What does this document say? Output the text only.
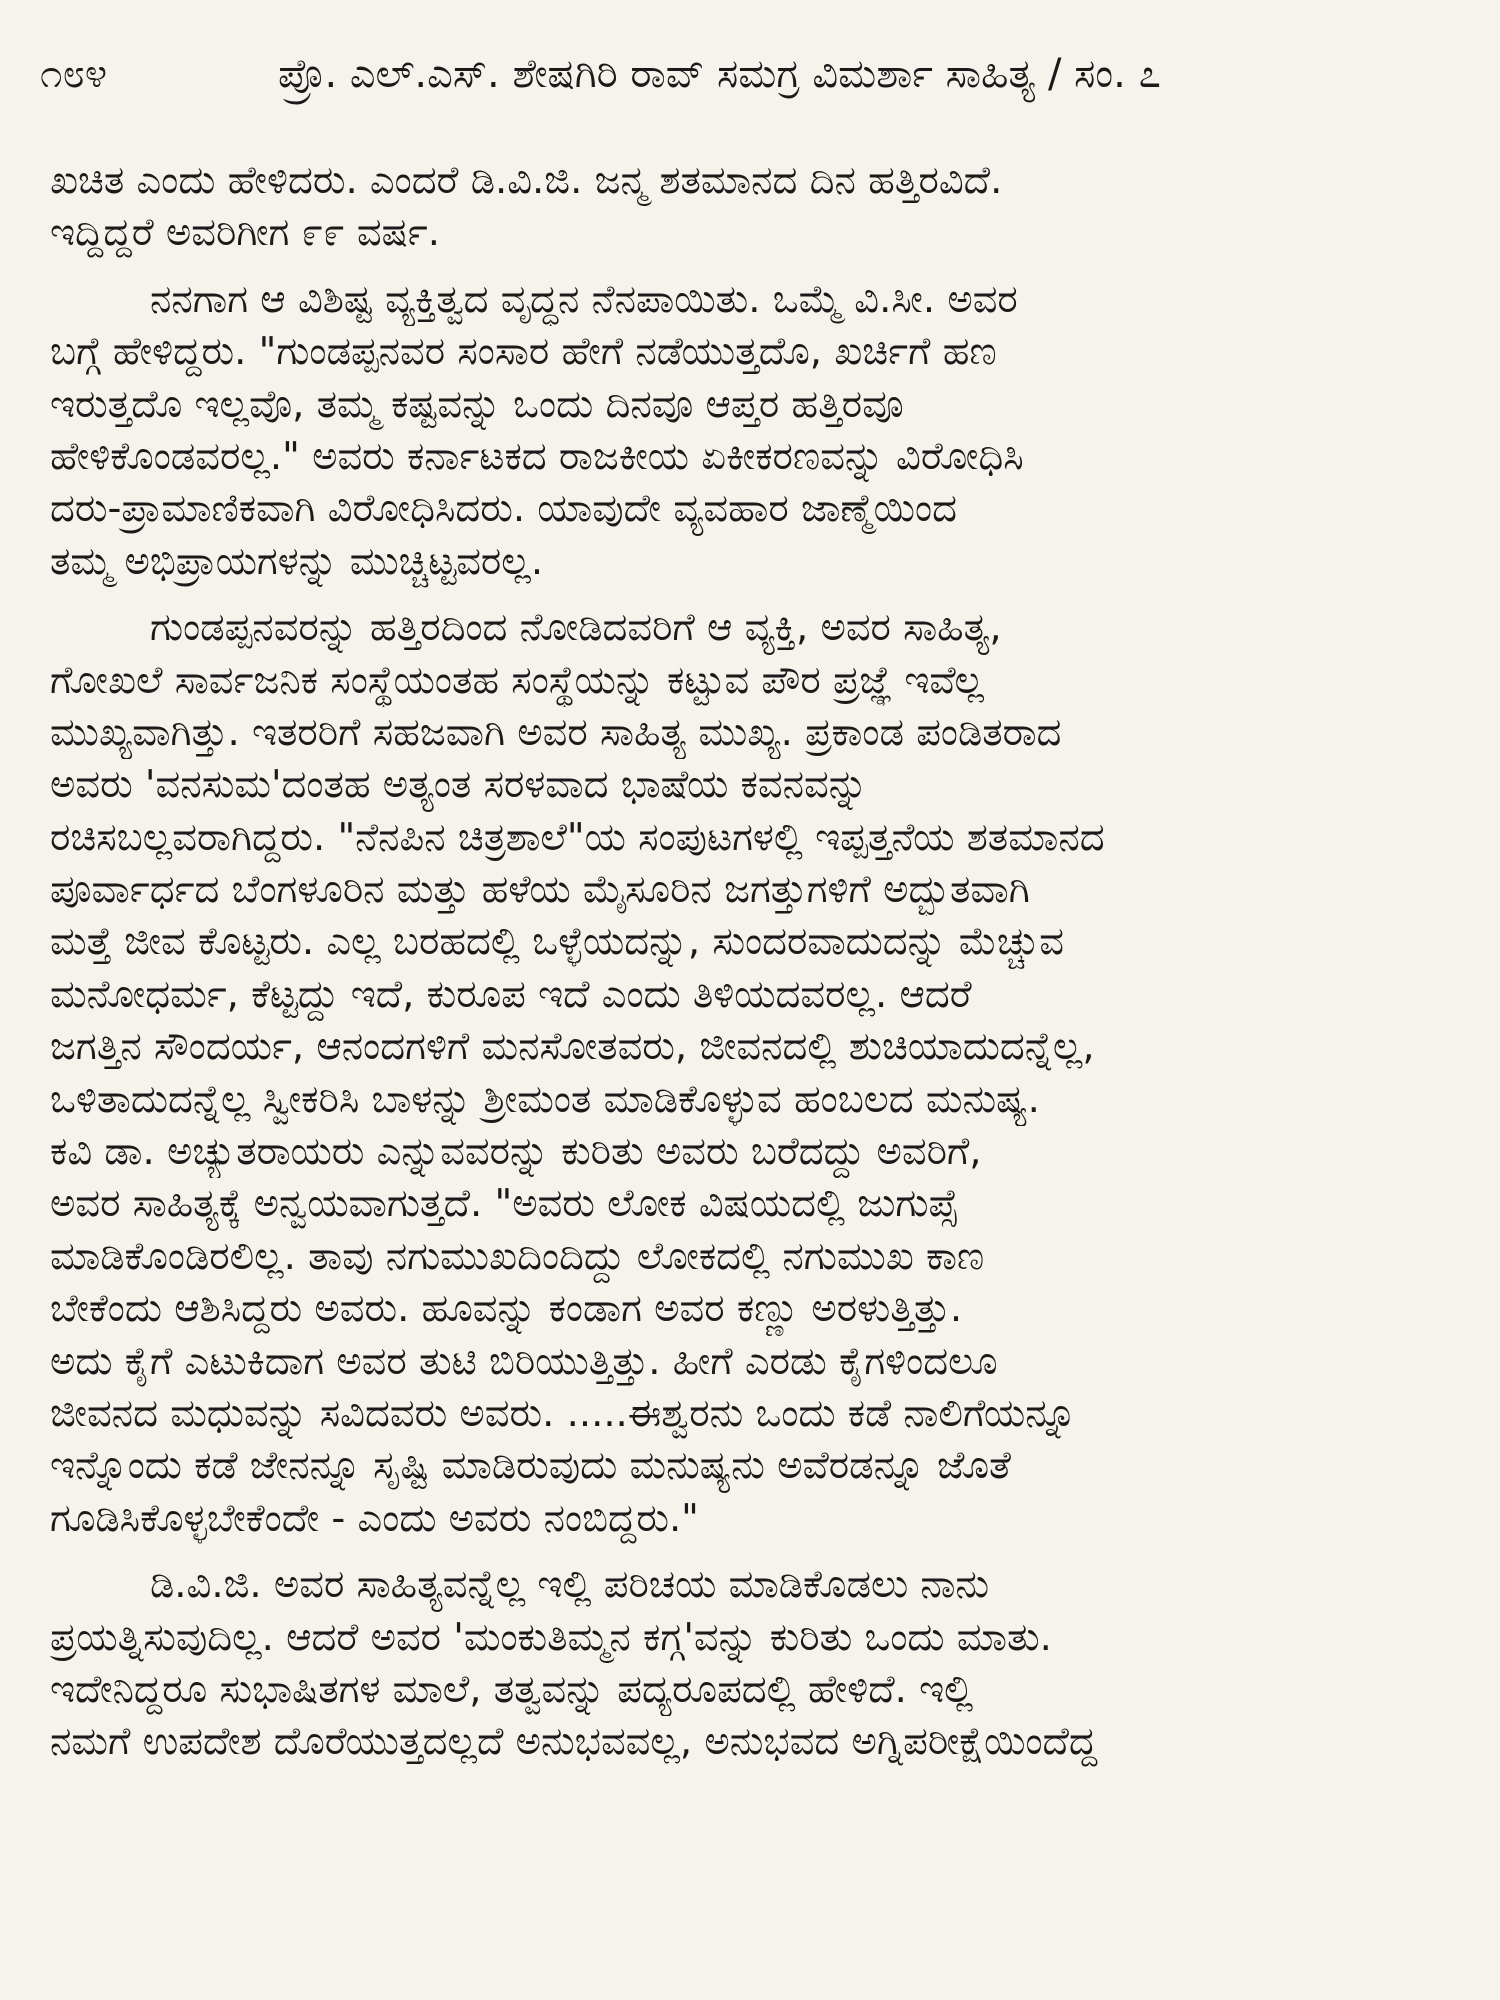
೧೮೪	ಪ್ರೊ. ಎಲ್.ಎಸ್. ಶೇಷಗಿರಿ ರಾವ್ ಸಮಗ್ರ ವಿಮರ್ಶಾ ಸಾಹಿತ್ಯ / ಸಂ. ೭
ಖಚಿತ ಎಂದು ಹೇಳಿದರು. ಎಂದರೆ ಡಿ.ವಿ.ಜಿ. ಜನ್ಮ ಶತಮಾನದ ದಿನ ಹತ್ತಿರವಿದೆ.
ಇದ್ದಿದ್ದರೆ ಅವರಿಗೀಗ ೯೯ ವರ್ಷ.
ನನಗಾಗ ಆ ವಿಶಿಷ್ಟ ವ್ಯಕ್ತಿತ್ವದ ವೃದ್ಧನ ನೆನಪಾಯಿತು. ಒಮ್ಮೆ ವಿ.ಸೀ. ಅವರ
ಬಗ್ಗೆ ಹೇಳಿದ್ದರು. "ಗುಂಡಪ್ಪನವರ ಸಂಸಾರ ಹೇಗೆ ನಡೆಯುತ್ತದೊ, ಖರ್ಚಿಗೆ ಹಣ
ಇರುತ್ತದೊ ಇಲ್ಲವೊ, ತಮ್ಮ ಕಷ್ಟವನ್ನು ಒಂದು ದಿನವೂ ಆಪ್ತರ ಹತ್ತಿರವೂ
ಹೇಳಿಕೊಂಡವರಲ್ಲ." ಅವರು ಕರ್ನಾಟಕದ ರಾಜಕೀಯ ಏಕೀಕರಣವನ್ನು ವಿರೋಧಿಸಿ
ದರು-ಪ್ರಾಮಾಣಿಕವಾಗಿ ವಿರೋಧಿಸಿದರು. ಯಾವುದೇ ವ್ಯವಹಾರ ಜಾಣ್ಮೆಯಿಂದ
ತಮ್ಮ ಅಭಿಪ್ರಾಯಗಳನ್ನು ಮುಚ್ಚಿಟ್ಟವರಲ್ಲ.
ಗುಂಡಪ್ಪನವರನ್ನು ಹತ್ತಿರದಿಂದ ನೋಡಿದವರಿಗೆ ಆ ವ್ಯಕ್ತಿ, ಅವರ ಸಾಹಿತ್ಯ,
ಗೋಖಲೆ ಸಾರ್ವಜನಿಕ ಸಂಸ್ಥೆಯಂತಹ ಸಂಸ್ಥೆಯನ್ನು ಕಟ್ಟುವ ಪೌರ ಪ್ರಜ್ಞೆ ಇವೆಲ್ಲ
ಮುಖ್ಯವಾಗಿತ್ತು. ಇತರರಿಗೆ ಸಹಜವಾಗಿ ಅವರ ಸಾಹಿತ್ಯ ಮುಖ್ಯ. ಪ್ರಕಾಂಡ ಪಂಡಿತರಾದ
ಅವರು 'ವನಸುಮ'ದಂತಹ ಅತ್ಯಂತ ಸರಳವಾದ ಭಾಷೆಯ ಕವನವನ್ನು
ರಚಿಸಬಲ್ಲವರಾಗಿದ್ದರು. "ನೆನಪಿನ ಚಿತ್ರಶಾಲೆ"ಯ ಸಂಪುಟಗಳಲ್ಲಿ ಇಪ್ಪತ್ತನೆಯ ಶತಮಾನದ
ಪೂರ್ವಾರ್ಧದ ಬೆಂಗಳೂರಿನ ಮತ್ತು ಹಳೆಯ ಮೈಸೂರಿನ ಜಗತ್ತುಗಳಿಗೆ ಅದ್ಭುತವಾಗಿ
ಮತ್ತೆ ಜೀವ ಕೊಟ್ಟರು. ಎಲ್ಲ ಬರಹದಲ್ಲಿ ಒಳ್ಳೆಯದನ್ನು, ಸುಂದರವಾದುದನ್ನು ಮೆಚ್ಚುವ
ಮನೋಧರ್ಮ, ಕೆಟ್ಟದ್ದು ಇದೆ, ಕುರೂಪ ಇದೆ ಎಂದು ತಿಳಿಯದವರಲ್ಲ. ಆದರೆ
ಜಗತ್ತಿನ ಸೌಂದರ್ಯ, ಆನಂದಗಳಿಗೆ ಮನಸೋತವರು, ಜೀವನದಲ್ಲಿ ಶುಚಿಯಾದುದನ್ನೆಲ್ಲ,
ಒಳಿತಾದುದನ್ನೆಲ್ಲ ಸ್ವೀಕರಿಸಿ ಬಾಳನ್ನು ಶ್ರೀಮಂತ ಮಾಡಿಕೊಳ್ಳುವ ಹಂಬಲದ ಮನುಷ್ಯ.
ಕವಿ ಡಾ. ಅಚ್ಯುತರಾಯರು ಎನ್ನುವವರನ್ನು ಕುರಿತು ಅವರು ಬರೆದದ್ದು ಅವರಿಗೆ,
ಅವರ ಸಾಹಿತ್ಯಕ್ಕೆ ಅನ್ವಯವಾಗುತ್ತದೆ. "ಅವರು ಲೋಕ ವಿಷಯದಲ್ಲಿ ಜುಗುಪ್ಸೆ
ಮಾಡಿಕೊಂಡಿರಲಿಲ್ಲ. ತಾವು ನಗುಮುಖದಿಂದಿದ್ದು ಲೋಕದಲ್ಲಿ ನಗುಮುಖ ಕಾಣ
ಬೇಕೆಂದು ಆಶಿಸಿದ್ದರು ಅವರು. ಹೂವನ್ನು ಕಂಡಾಗ ಅವರ ಕಣ್ಣು ಅರಳುತ್ತಿತ್ತು.
ಅದು ಕೈಗೆ ಎಟುಕಿದಾಗ ಅವರ ತುಟಿ ಬಿರಿಯುತ್ತಿತ್ತು. ಹೀಗೆ ಎರಡು ಕೈಗಳಿಂದಲೂ
ಜೀವನದ ಮಧುವನ್ನು ಸವಿದವರು ಅವರು. .....ಈಶ್ವರನು ಒಂದು ಕಡೆ ನಾಲಿಗೆಯನ್ನೂ
ಇನ್ನೊಂದು ಕಡೆ ಜೇನನ್ನೂ ಸೃಷ್ಟಿ ಮಾಡಿರುವುದು ಮನುಷ್ಯನು ಅವೆರಡನ್ನೂ ಜೊತೆ
ಗೂಡಿಸಿಕೊಳ್ಳಬೇಕೆಂದೇ - ಎಂದು ಅವರು ನಂಬಿದ್ದರು."
ಡಿ.ವಿ.ಜಿ. ಅವರ ಸಾಹಿತ್ಯವನ್ನೆಲ್ಲ ಇಲ್ಲಿ ಪರಿಚಯ ಮಾಡಿಕೊಡಲು ನಾನು
ಪ್ರಯತ್ನಿಸುವುದಿಲ್ಲ. ಆದರೆ ಅವರ 'ಮಂಕುತಿಮ್ಮನ ಕಗ್ಗ'ವನ್ನು ಕುರಿತು ಒಂದು ಮಾತು.
ಇದೇನಿದ್ದರೂ ಸುಭಾಷಿತಗಳ ಮಾಲೆ, ತತ್ವವನ್ನು ಪದ್ಯರೂಪದಲ್ಲಿ ಹೇಳಿದೆ. ಇಲ್ಲಿ
ನಮಗೆ ಉಪದೇಶ ದೊರೆಯುತ್ತದಲ್ಲದೆ ಅನುಭವವಲ್ಲ, ಅನುಭವದ ಅಗ್ನಿಪರೀಕ್ಷೆಯಿಂದೆದ್ದ
